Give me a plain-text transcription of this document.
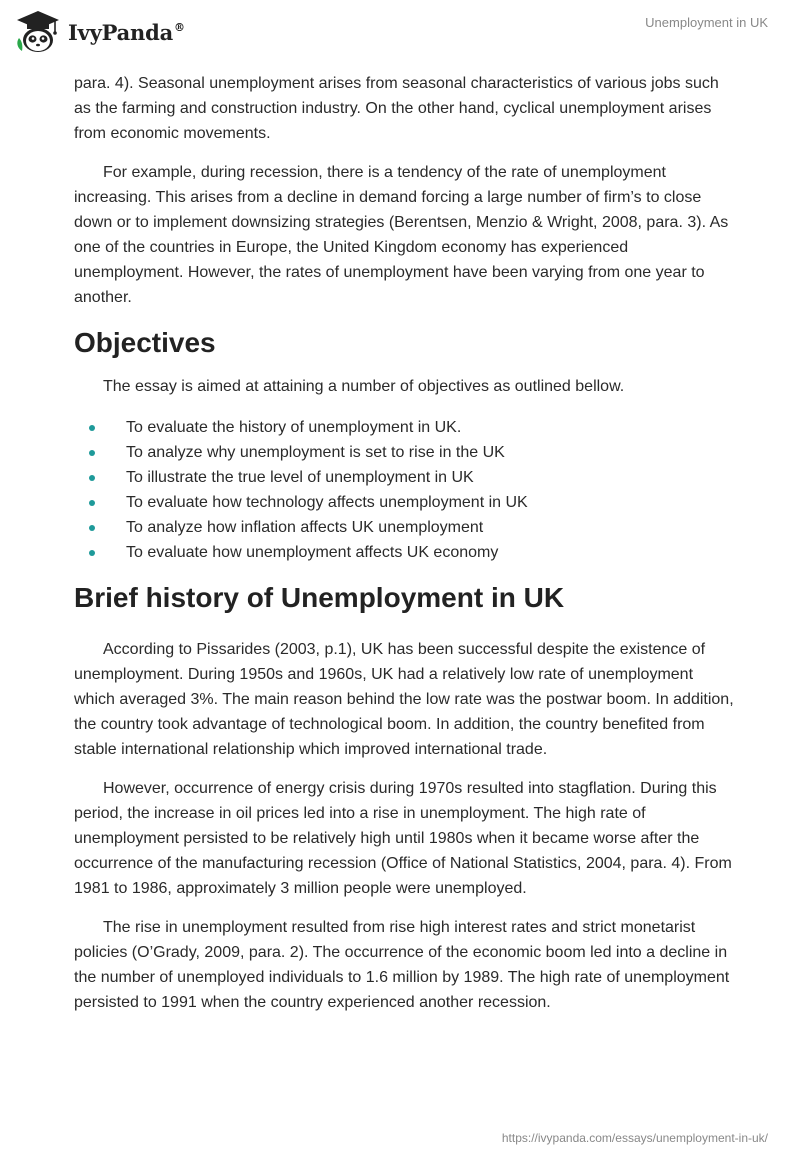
IvyPanda®	Unemployment in UK

para. 4). Seasonal unemployment arises from seasonal characteristics of various jobs such as the farming and construction industry. On the other hand, cyclical unemployment arises from economic movements.

For example, during recession, there is a tendency of the rate of unemployment increasing. This arises from a decline in demand forcing a large number of firm’s to close down or to implement downsizing strategies (Berentsen, Menzio & Wright, 2008, para. 3). As one of the countries in Europe, the United Kingdom economy has experienced unemployment. However, the rates of unemployment have been varying from one year to another.

Objectives

The essay is aimed at attaining a number of objectives as outlined bellow.

To evaluate the history of unemployment in UK.
To analyze why unemployment is set to rise in the UK
To illustrate the true level of unemployment in UK
To evaluate how technology affects unemployment in UK
To analyze how inflation affects UK unemployment
To evaluate how unemployment affects UK economy
Brief history of Unemployment in UK

According to Pissarides (2003, p.1), UK has been successful despite the existence of unemployment. During 1950s and 1960s, UK had a relatively low rate of unemployment which averaged 3%. The main reason behind the low rate was the postwar boom. In addition, the country took advantage of technological boom. In addition, the country benefited from stable international relationship which improved international trade.

However, occurrence of energy crisis during 1970s resulted into stagflation. During this period, the increase in oil prices led into a rise in unemployment. The high rate of unemployment persisted to be relatively high until 1980s when it became worse after the occurrence of the manufacturing recession (Office of National Statistics, 2004, para. 4). From 1981 to 1986, approximately 3 million people were unemployed.

The rise in unemployment resulted from rise high interest rates and strict monetarist policies (O’Grady, 2009, para. 2). The occurrence of the economic boom led into a decline in the number of unemployed individuals to 1.6 million by 1989. The high rate of unemployment persisted to 1991 when the country experienced another recession.

https://ivypanda.com/essays/unemployment-in-uk/
